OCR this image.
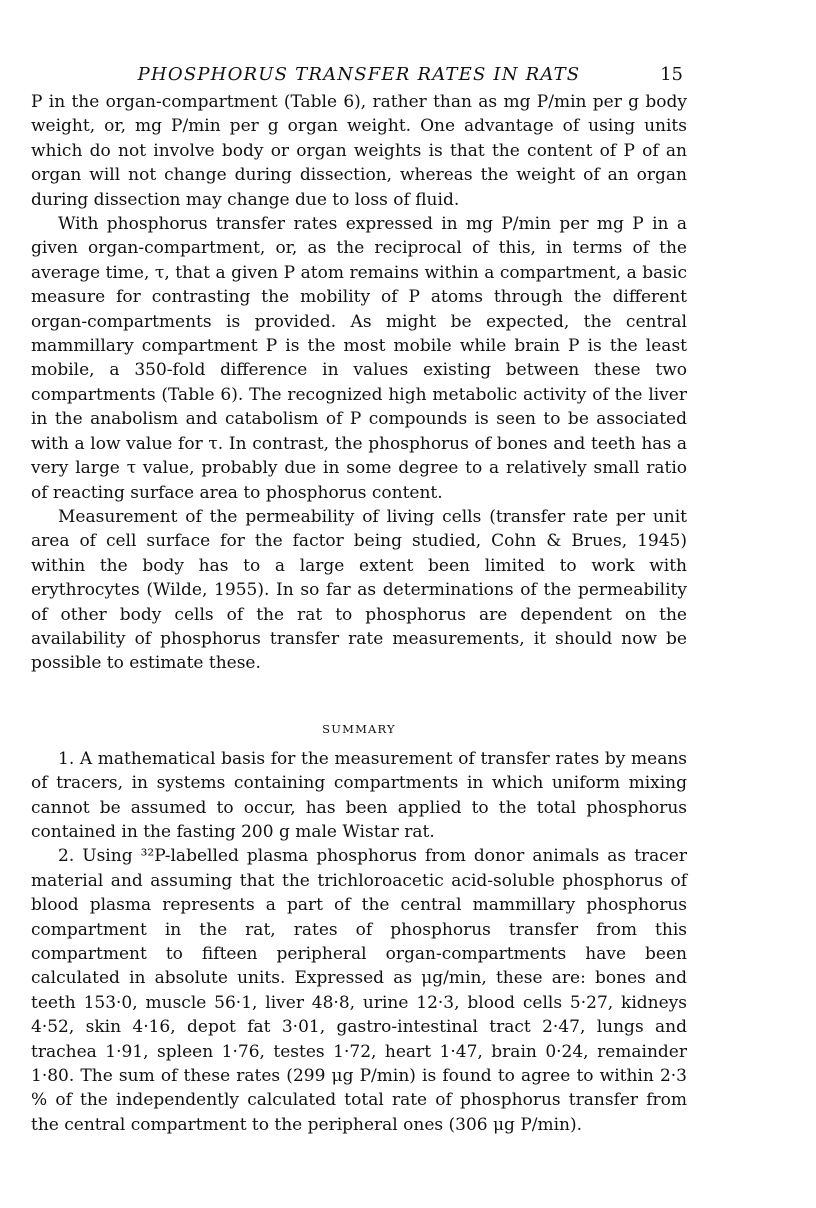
PHOSPHORUS TRANSFER RATES IN RATS	15

P in the organ-compartment (Table 6), rather than as mg P/min per g body weight, or, mg P/min per g organ weight. One advantage of using units which do not involve body or organ weights is that the content of P of an organ will not change during dissection, whereas the weight of an organ during dissection may change due to loss of fluid.

With phosphorus transfer rates expressed in mg P/min per mg P in a given organ-compartment, or, as the reciprocal of this, in terms of the average time, τ, that a given P atom remains within a compartment, a basic measure for contrasting the mobility of P atoms through the different organ-compartments is provided. As might be expected, the central mammillary compartment P is the most mobile while brain P is the least mobile, a 350-fold difference in values existing between these two compartments (Table 6). The recognized high metabolic activity of the liver in the anabolism and catabolism of P compounds is seen to be associated with a low value for τ. In contrast, the phosphorus of bones and teeth has a very large τ value, probably due in some degree to a relatively small ratio of reacting surface area to phosphorus content.

Measurement of the permeability of living cells (transfer rate per unit area of cell surface for the factor being studied, Cohn & Brues, 1945) within the body has to a large extent been limited to work with erythrocytes (Wilde, 1955). In so far as determinations of the permeability of other body cells of the rat to phosphorus are dependent on the availability of phosphorus transfer rate measurements, it should now be possible to estimate these.

SUMMARY

1. A mathematical basis for the measurement of transfer rates by means of tracers, in systems containing compartments in which uniform mixing cannot be assumed to occur, has been applied to the total phosphorus contained in the fasting 200 g male Wistar rat.

2. Using ³²P-labelled plasma phosphorus from donor animals as tracer material and assuming that the trichloroacetic acid-soluble phosphorus of blood plasma represents a part of the central mammillary phosphorus compartment in the rat, rates of phosphorus transfer from this compartment to fifteen peripheral organ-compartments have been calculated in absolute units. Expressed as μg/min, these are: bones and teeth 153·0, muscle 56·1, liver 48·8, urine 12·3, blood cells 5·27, kidneys 4·52, skin 4·16, depot fat 3·01, gastro-intestinal tract 2·47, lungs and trachea 1·91, spleen 1·76, testes 1·72, heart 1·47, brain 0·24, remainder 1·80. The sum of these rates (299 μg P/min) is found to agree to within 2·3 % of the independently calculated total rate of phosphorus transfer from the central compartment to the peripheral ones (306 μg P/min).
